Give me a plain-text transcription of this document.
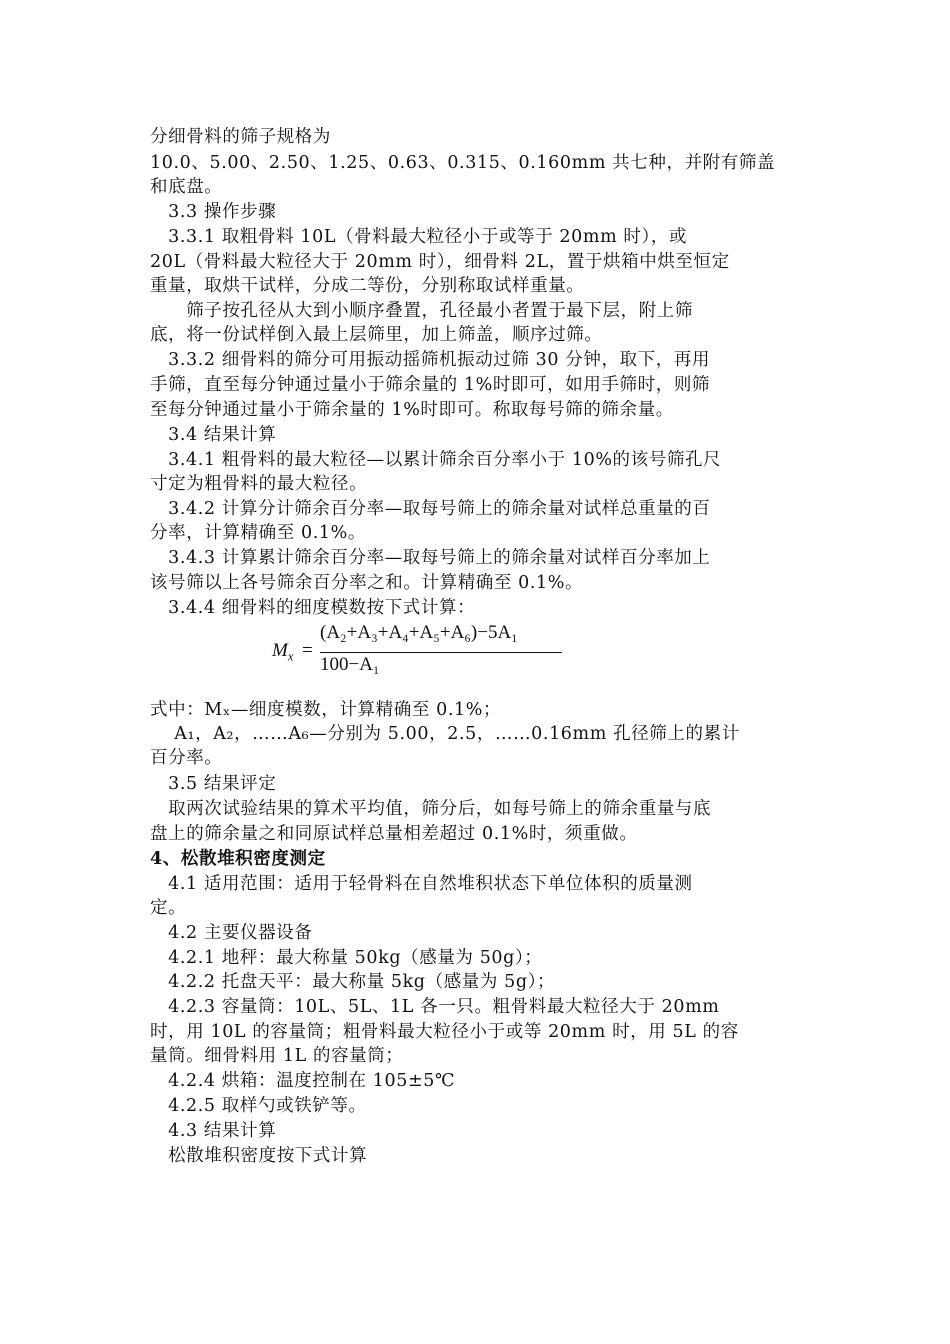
分细骨料的筛子规格为
10.0、5.00、2.50、1.25、0.63、0.315、0.160mm 共七种，并附有筛盖
和底盘。
　3.3 操作步骤
　3.3.1 取粗骨料 10L（骨料最大粒径小于或等于 20mm 时），或
20L（骨料最大粒径大于 20mm 时），细骨料 2L，置于烘箱中烘至恒定
重量，取烘干试样，分成二等份，分别称取试样重量。
　　筛子按孔径从大到小顺序叠置，孔径最小者置于最下层，附上筛
底，将一份试样倒入最上层筛里，加上筛盖，顺序过筛。
　3.3.2 细骨料的筛分可用振动摇筛机振动过筛 30 分钟，取下，再用
手筛，直至每分钟通过量小于筛余量的 1%时即可，如用手筛时，则筛
至每分钟通过量小于筛余量的 1%时即可。称取每号筛的筛余量。
　3.4 结果计算
　3.4.1 粗骨料的最大粒径—以累计筛余百分率小于 10%的该号筛孔尺
寸定为粗骨料的最大粒径。
　3.4.2 计算分计筛余百分率—取每号筛上的筛余量对试样总重量的百
分率，计算精确至 0.1%。
　3.4.3 计算累计筛余百分率—取每号筛上的筛余量对试样百分率加上
该号筛以上各号筛余百分率之和。计算精确至 0.1%。
　3.4.4 细骨料的细度模数按下式计算：
$M_x$ =
(A₂+A₃+A₄+A₅+A₆)−5A₁
100−A₁
式中：Mₓ—细度模数，计算精确至 0.1%；
　 A₁，A₂，……A₆—分别为 5.00，2.5，……0.16mm 孔径筛上的累计
百分率。
　3.5 结果评定
　取两次试验结果的算术平均值，筛分后，如每号筛上的筛余重量与底
盘上的筛余量之和同原试样总量相差超过 0.1%时，须重做。
4、松散堆积密度测定
　4.1 适用范围：适用于轻骨料在自然堆积状态下单位体积的质量测
定。
　4.2 主要仪器设备
　4.2.1 地秤：最大称量 50kg（感量为 50g）；
　4.2.2 托盘天平：最大称量 5kg（感量为 5g）；
　4.2.3 容量筒：10L、5L、1L 各一只。粗骨料最大粒径大于 20mm
时，用 10L 的容量筒；粗骨料最大粒径小于或等 20mm 时，用 5L 的容
量筒。细骨料用 1L 的容量筒；
　4.2.4 烘箱：温度控制在 105±5℃
　4.2.5 取样勺或铁铲等。
　4.3 结果计算
　松散堆积密度按下式计算
